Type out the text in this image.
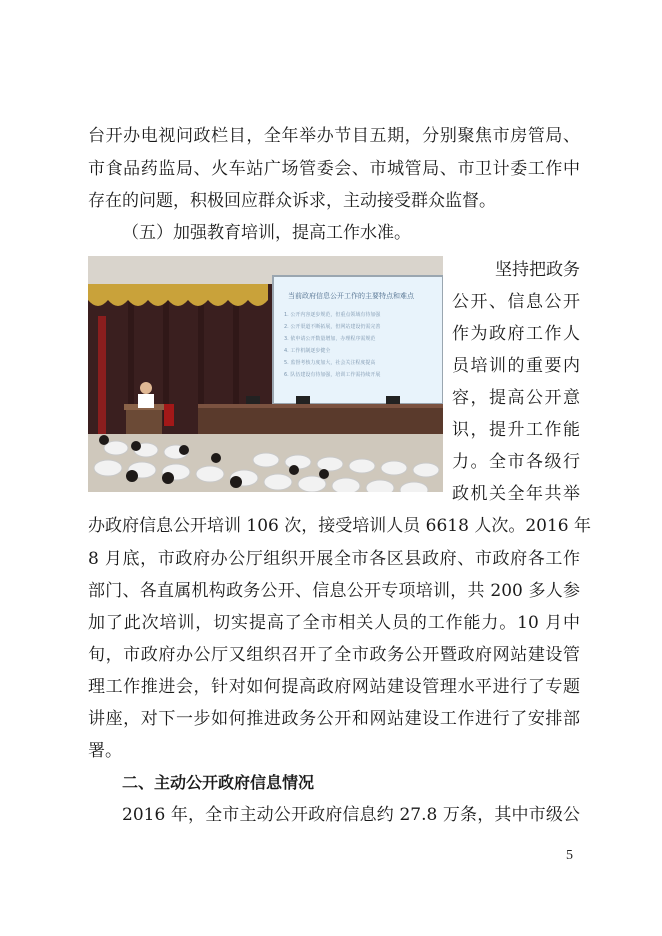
台开办电视问政栏目，全年举办节目五期，分别聚焦市房管局、
市食品药监局、火车站广场管委会、市城管局、市卫计委工作中
存在的问题，积极回应群众诉求，主动接受群众监督。
（五）加强教育培训，提高工作水准。
当前政府信息公开工作的主要特点和难点
1. 公开内容逐步规范，但重点领域有待加强
2. 公开渠道不断拓展，但网站建设仍需完善
3. 依申请公开数量增加，办理程序需规范
4. 工作机制逐步健全
5. 监督考核力度加大，社会关注程度提高
6. 队伍建设有待加强，培训工作需持续开展
坚持把政务
公开、信息公开
作为政府工作人
员培训的重要内
容，提高公开意
识，提升工作能
力。全市各级行
政机关全年共举
办政府信息公开培训 106 次，接受培训人员 6618 人次。2016 年
8 月底，市政府办公厅组织开展全市各区县政府、市政府各工作
部门、各直属机构政务公开、信息公开专项培训，共 200 多人参
加了此次培训，切实提高了全市相关人员的工作能力。10 月中
旬，市政府办公厅又组织召开了全市政务公开暨政府网站建设管
理工作推进会，针对如何提高政府网站建设管理水平进行了专题
讲座，对下一步如何推进政务公开和网站建设工作进行了安排部
署。
二、主动公开政府信息情况
2016 年，全市主动公开政府信息约 27.8 万条，其中市级公
5
